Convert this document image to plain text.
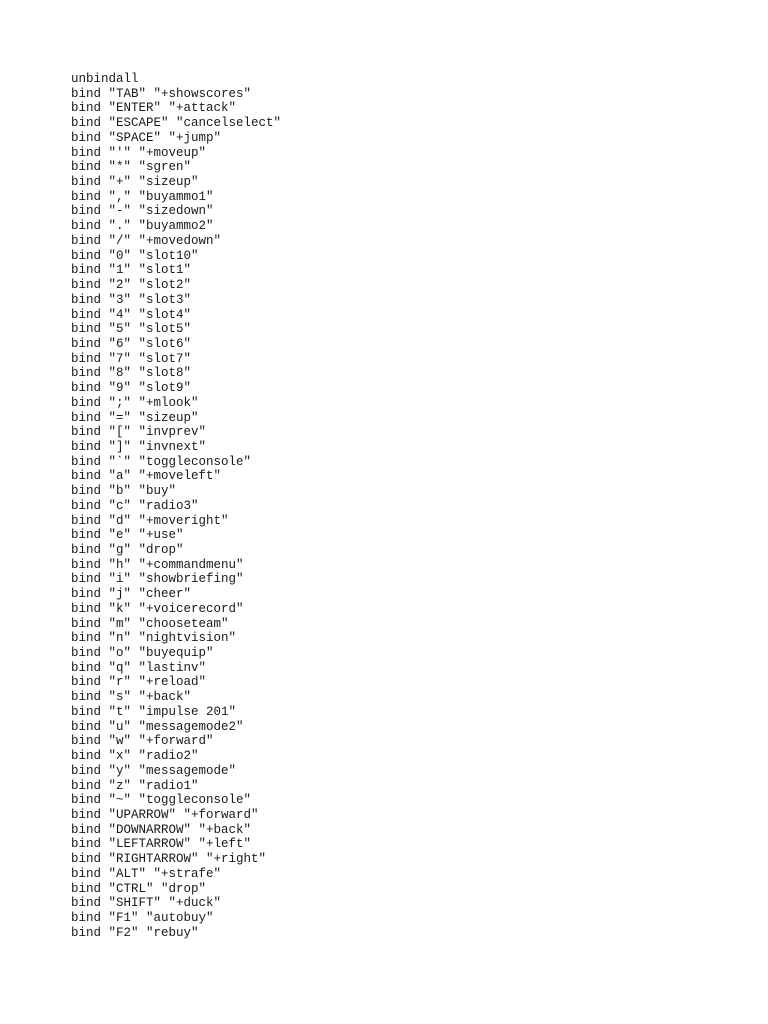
unbindall
bind "TAB" "+showscores"
bind "ENTER" "+attack"
bind "ESCAPE" "cancelselect"
bind "SPACE" "+jump"
bind "'" "+moveup"
bind "*" "sgren"
bind "+" "sizeup"
bind "," "buyammo1"
bind "-" "sizedown"
bind "." "buyammo2"
bind "/" "+movedown"
bind "0" "slot10"
bind "1" "slot1"
bind "2" "slot2"
bind "3" "slot3"
bind "4" "slot4"
bind "5" "slot5"
bind "6" "slot6"
bind "7" "slot7"
bind "8" "slot8"
bind "9" "slot9"
bind ";" "+mlook"
bind "=" "sizeup"
bind "[" "invprev"
bind "]" "invnext"
bind "`" "toggleconsole"
bind "a" "+moveleft"
bind "b" "buy"
bind "c" "radio3"
bind "d" "+moveright"
bind "e" "+use"
bind "g" "drop"
bind "h" "+commandmenu"
bind "i" "showbriefing"
bind "j" "cheer"
bind "k" "+voicerecord"
bind "m" "chooseteam"
bind "n" "nightvision"
bind "o" "buyequip"
bind "q" "lastinv"
bind "r" "+reload"
bind "s" "+back"
bind "t" "impulse 201"
bind "u" "messagemode2"
bind "w" "+forward"
bind "x" "radio2"
bind "y" "messagemode"
bind "z" "radio1"
bind "~" "toggleconsole"
bind "UPARROW" "+forward"
bind "DOWNARROW" "+back"
bind "LEFTARROW" "+left"
bind "RIGHTARROW" "+right"
bind "ALT" "+strafe"
bind "CTRL" "drop"
bind "SHIFT" "+duck"
bind "F1" "autobuy"
bind "F2" "rebuy"
